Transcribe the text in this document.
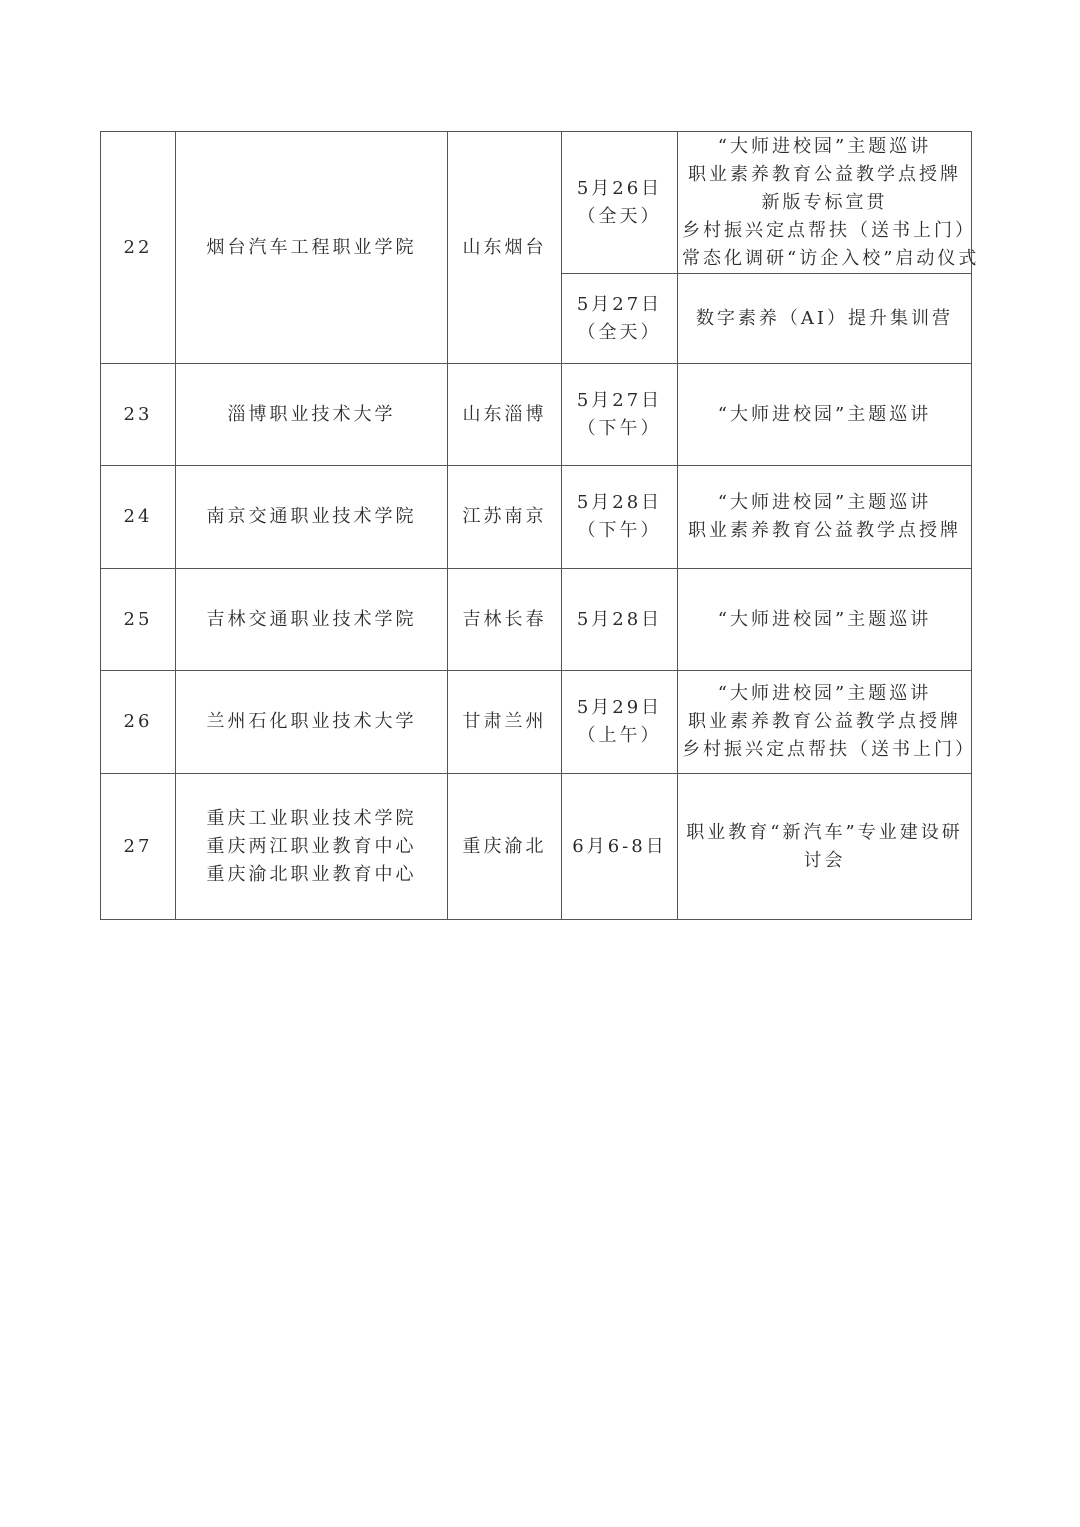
22	烟台汽车工程职业学院	山东烟台	5月26日
（全天）	“大师进校园”主题巡讲
职业素养教育公益教学点授牌
新版专标宣贯
乡村振兴定点帮扶（送书上门）
常态化调研“访企入校”启动仪式

			5月27日
（全天）	数字素养（AI）提升集训营

23	淄博职业技术大学	山东淄博	5月27日
（下午）	“大师进校园”主题巡讲

24	南京交通职业技术学院	江苏南京	5月28日
（下午）	“大师进校园”主题巡讲
职业素养教育公益教学点授牌

25	吉林交通职业技术学院	吉林长春	5月28日	“大师进校园”主题巡讲

26	兰州石化职业技术大学	甘肃兰州	5月29日
（上午）	“大师进校园”主题巡讲
职业素养教育公益教学点授牌
乡村振兴定点帮扶（送书上门）

27	重庆工业职业技术学院
重庆两江职业教育中心
重庆渝北职业教育中心	重庆渝北	6月6-8日	职业教育“新汽车”专业建设研讨会
